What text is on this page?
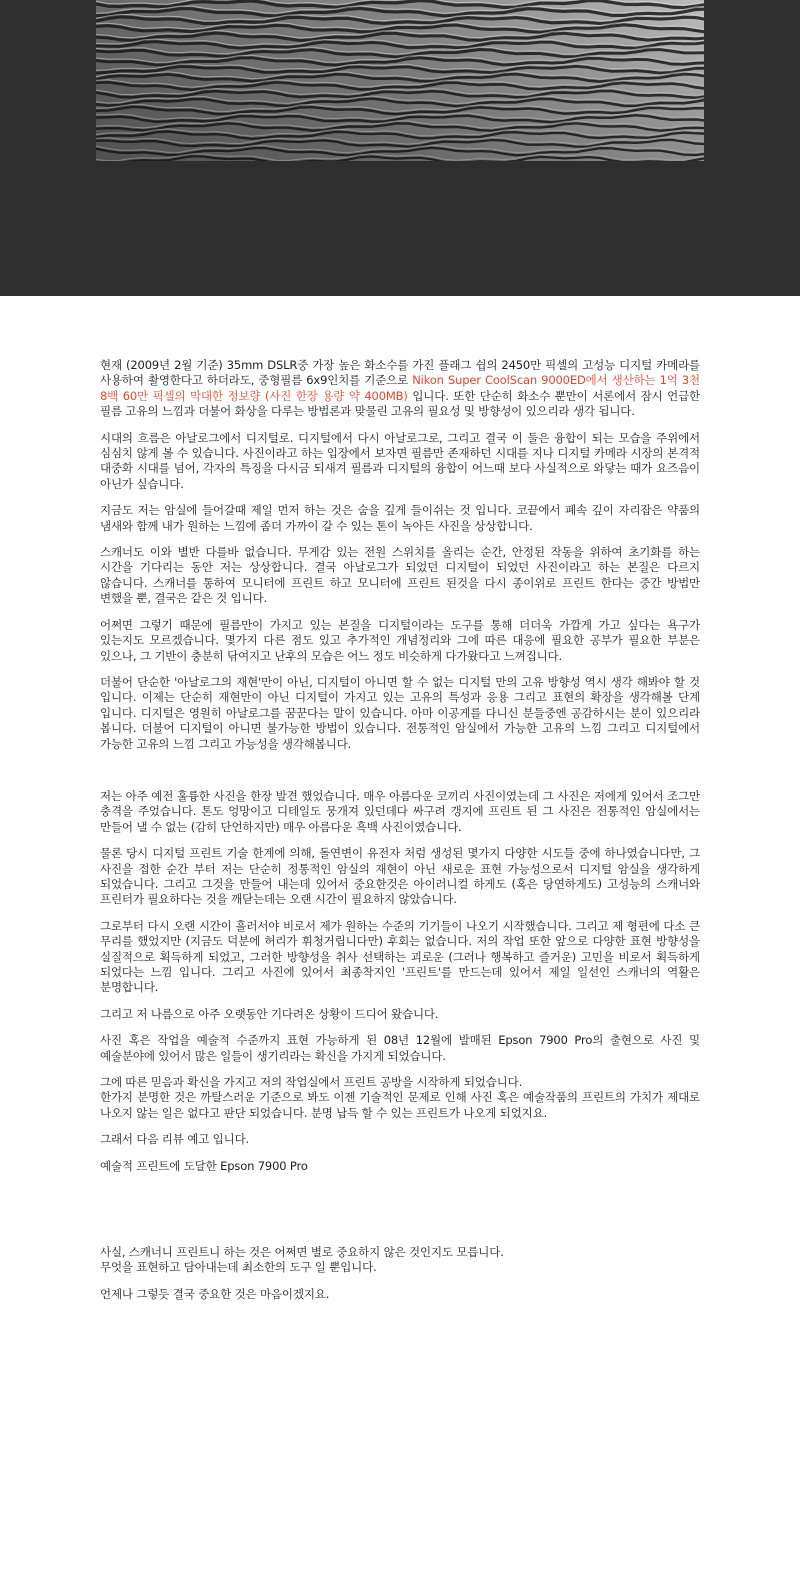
현재 (2009년 2월 기준) 35mm DSLR중 가장 높은 화소수를 가진 플래그 쉽의 2450만 픽셀의 고성능 디지털 카메라를 사용하여 촬영한다고 하더라도, 중형필름 6x9인치를 기준으로 Nikon Super CoolScan 9000ED에서 생산하는 1억 3천 8백 60만 픽셀의 막대한 정보량 (사진 한장 용량 약 400MB) 입니다. 또한 단순히 화소수 뿐만이 서론에서 잠시 언급한 필름 고유의 느낌과 더불어 화상을 다루는 방법론과 맞물린 고유의 필요성 및 방향성이 있으리라 생각 됩니다.

시대의 흐름은 아날로그에서 디지털로. 디지털에서 다시 아날로그로, 그리고 결국 이 둘은 융합이 되는 모습을 주위에서 심심치 않게 볼 수 있습니다. 사진이라고 하는 입장에서 보자면 필름만 존재하던 시대를 지나 디지털 카메라 시장의 본격적 대중화 시대를 넘어, 각자의 특징을 다시금 되새겨 필름과 디지털의 융합이 어느때 보다 사실적으로 와닿는 때가 요즈음이 아닌가 싶습니다.

지금도 저는 암실에 들어갈때 제일 먼저 하는 것은 숨을 깊게 들이쉬는 것 입니다. 코끝에서 폐속 깊이 자리잡은 약품의 냄새와 함께 내가 원하는 느낌에 좀더 가까이 갈 수 있는 톤이 녹아든 사진을 상상합니다.

스캐너도 이와 별반 다를바 없습니다. 무게감 있는 전원 스위치를 올리는 순간, 안정된 작동을 위하여 초기화를 하는 시간을 기다리는 동안 저는 상상합니다. 결국 아날로그가 되었던 디지털이 되었던 사진이라고 하는 본질은 다르지 않습니다. 스캐너를 통하여 모니터에 프린트 하고 모니터에 프린트 된것을 다시 종이위로 프린트 한다는 중간 방법만 변했을 뿐, 결국은 같은 것 입니다.

어쩌면 그렇기 때문에 필름만이 가지고 있는 본질을 디지털이라는 도구를 통해 더더욱 가깝게 가고 싶다는 욕구가 있는지도 모르겠습니다. 몇가지 다른 점도 있고 추가적인 개념정리와 그에 따른 대응에 필요한 공부가 필요한 부분은 있으나, 그 기반이 충분히 닦여지고 난후의 모습은 어느 정도 비슷하게 다가왔다고 느껴집니다.

더불어 단순한 '아날로그의 재현'만이 아닌, 디지털이 아니면 할 수 없는 디지털 만의 고유 방향성 역시 생각 해봐야 할 것 입니다. 이제는 단순히 재현만이 아닌 디지털이 가지고 있는 고유의 특성과 응용 그리고 표현의 확장을 생각해볼 단계 입니다. 디지털은 영원히 아날로그를 꿈꾼다는 말이 있습니다. 아마 이공게를 다니신 분들중엔 공감하시는 분이 있으리라 봅니다. 더불어 디지털이 아니면 불가능한 방법이 있습니다. 전통적인 암실에서 가능한 고유의 느낌 그리고 디지털에서 가능한 고유의 느낌 그리고 가능성을 생각해봅니다.

저는 아주 예전 훌륭한 사진을 한장 발견 했었습니다. 매우 아름다운 코끼리 사진이였는데 그 사진은 저에게 있어서 조그만 충격을 주었습니다. 톤도 엉망이고 디테일도 뭉개져 있던데다 싸구려 갱지에 프린트 된 그 사진은 전통적인 암실에서는 만들어 낼 수 없는 (감히 단언하지만) 매우 아름다운 흑백 사진이였습니다.

물론 당시 디지털 프린트 기술 한계에 의해, 돌연변이 유전자 처럼 생성된 몇가지 다양한 시도들 중에 하나였습니다만, 그 사진을 접한 순간 부터 저는 단순히 정통적인 암실의 재현이 아닌 새로운 표현 가능성으로서 디지털 암실을 생각하게 되었습니다. 그리고 그것을 만들어 내는데 있어서 중요한것은 아이러니컬 하게도 (혹은 당연하게도) 고성능의 스캐너와 프린터가 필요하다는 것을 깨닫는데는 오랜 시간이 필요하지 않았습니다.

그로부터 다시 오랜 시간이 흘러서야 비로서 제가 원하는 수준의 기기들이 나오기 시작했습니다. 그리고 제 형편에 다소 큰 무리를 했었지만 (지금도 덕분에 허리가 휘청거립니다만) 후회는 없습니다. 저의 작업 또한 앞으로 다양한 표현 방향성을 실질적으로 획득하게 되었고, 그러한 방향성을 취사 선택하는 괴로운 (그러나 행복하고 즐거운) 고민을 비로서 획득하게 되었다는 느낌 입니다. 그리고 사진에 있어서 최종착지인 '프린트'를 만드는데 있어서 제일 일선인 스캐너의 역활은 분명합니다.

그리고 저 나름으로 아주 오랫동안 기다려온 상황이 드디어 왔습니다.

사진 혹은 작업을 예술적 수준까지 표현 가능하게 된 08년 12월에 발매된 Epson 7900 Pro의 출현으로 사진 및 예술분야에 있어서 많은 일들이 생기리라는 확신을 가지게 되었습니다.

그에 따른 믿음과 확신을 가지고 저의 작업실에서 프린트 공방을 시작하게 되었습니다.
한가지 분명한 것은 까탈스러운 기준으로 봐도 이젠 기술적인 문제로 인해 사진 혹은 예술작품의 프린트의 가치가 제대로 나오지 않는 일은 없다고 판단 되었습니다. 분명 납득 할 수 있는 프린트가 나오게 되었지요.

그래서 다음 리뷰 예고 입니다.

예술적 프린트에 도달한 Epson 7900 Pro

사실, 스캐너니 프린트니 하는 것은 어쩌면 별로 중요하지 않은 것인지도 모릅니다.
무엇을 표현하고 담아내는데 최소한의 도구 일 뿐입니다.

언제나 그렇듯 결국 중요한 것은 마음이겠지요.
